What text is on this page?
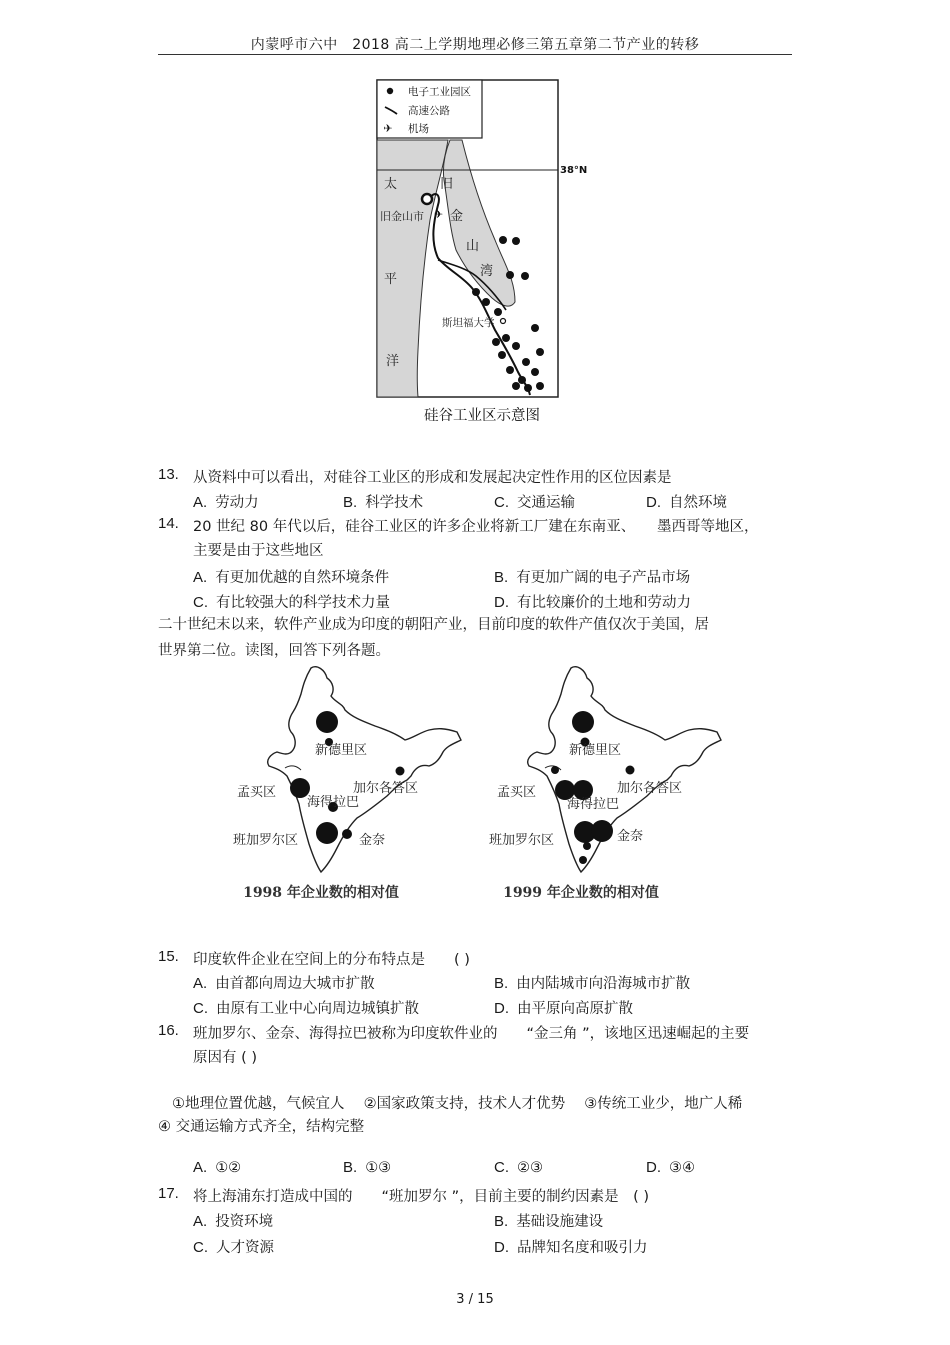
内蒙呼市六中　2018 高二上学期地理必修三第五章第二节产业的转移
✈
电子工业园区
高速公路
机场
38°N
✈
太
平
洋
旧
金
山
湾
旧金山市
斯坦福大学
硅谷工业区示意图
13. 从资料中可以看出，对硅谷工业区的形成和发展起决定性作用的区位因素是
A. 劳动力	B. 科学技术	C. 交通运输	D. 自然环境
14. 20 世纪 80 年代以后，硅谷工业区的许多企业将新工厂建在东南亚、　　墨西哥等地区，
主要是由于这些地区
A. 有更加优越的自然环境条件	B. 有更加广阔的电子产品市场
C. 有比较强大的科学技术力量	D. 有比较廉价的土地和劳动力
二十世纪末以来，软件产业成为印度的朝阳产业，目前印度的软件产值仅次于美国，居
世界第二位。读图，回答下列各题。
新德里区
加尔各答区
孟买区
海得拉巴
班加罗尔区	金奈
1998 年企业数的相对值
新德里区
加尔各答区
孟买区
海得拉巴
班加罗尔区	金奈
1999 年企业数的相对值
15. 印度软件企业在空间上的分布特点是　　( )
A. 由首都向周边大城市扩散	B. 由内陆城市向沿海城市扩散
C. 由原有工业中心向周边城镇扩散	D. 由平原向高原扩散
16. 班加罗尔、金奈、海得拉巴被称为印度软件业的　　“金三角 ”，该地区迅速崛起的主要
原因有 ( )
①地理位置优越，气候宜人　 ②国家政策支持，技术人才优势　 ③传统工业少，地广人稀
④ 交通运输方式齐全，结构完整
A. ①②	B. ①③	C. ②③	D. ③④
17. 将上海浦东打造成中国的　　“班加罗尔 ”，目前主要的制约因素是　( )
A. 投资环境	B. 基础设施建设
C. 人才资源	D. 品牌知名度和吸引力
3 / 15
